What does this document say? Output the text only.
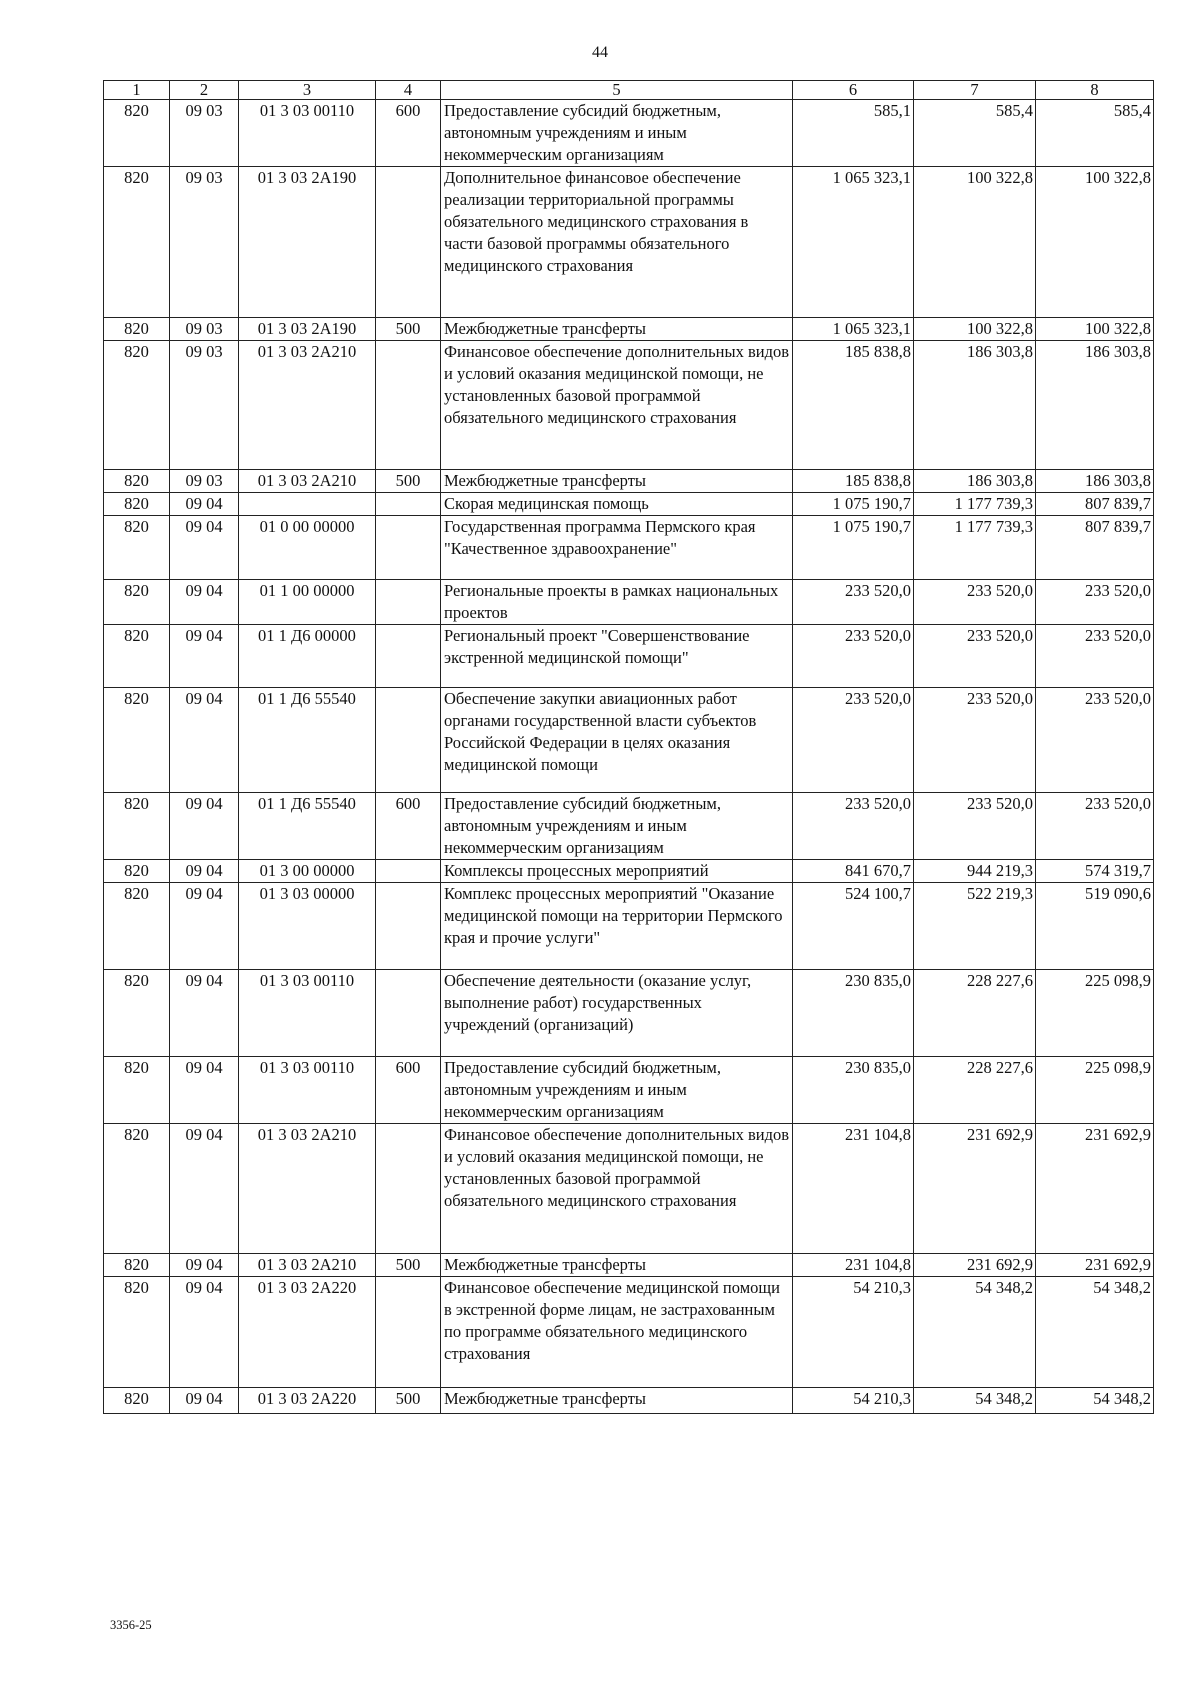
44
1	2	3	4	5	6	7	8
820	09 03	01 3 03 00110	600	Предоставление субсидий бюджетным, автономным учреждениям и иным некоммерческим организациям	585,1	585,4	585,4
820	09 03	01 3 03 2А190		Дополнительное финансовое обеспечение реализации территориальной программы обязательного медицинского страхования в части базовой программы обязательного медицинского страхования	1 065 323,1	100 322,8	100 322,8
820	09 03	01 3 03 2А190	500	Межбюджетные трансферты	1 065 323,1	100 322,8	100 322,8
820	09 03	01 3 03 2А210		Финансовое обеспечение дополнительных видов и условий оказания медицинской помощи, не установленных базовой программой обязательного медицинского страхования	185 838,8	186 303,8	186 303,8
820	09 03	01 3 03 2А210	500	Межбюджетные трансферты	185 838,8	186 303,8	186 303,8
820	09 04			Скорая медицинская помощь	1 075 190,7	1 177 739,3	807 839,7
820	09 04	01 0 00 00000		Государственная программа Пермского края "Качественное здравоохранение"	1 075 190,7	1 177 739,3	807 839,7
820	09 04	01 1 00 00000		Региональные проекты в рамках национальных проектов	233 520,0	233 520,0	233 520,0
820	09 04	01 1 Д6 00000		Региональный проект "Совершенствование экстренной медицинской помощи"	233 520,0	233 520,0	233 520,0
820	09 04	01 1 Д6 55540		Обеспечение закупки авиационных работ органами государственной власти субъектов Российской Федерации в целях оказания медицинской помощи	233 520,0	233 520,0	233 520,0
820	09 04	01 1 Д6 55540	600	Предоставление субсидий бюджетным, автономным учреждениям и иным некоммерческим организациям	233 520,0	233 520,0	233 520,0
820	09 04	01 3 00 00000		Комплексы процессных мероприятий	841 670,7	944 219,3	574 319,7
820	09 04	01 3 03 00000		Комплекс процессных мероприятий "Оказание медицинской помощи на территории Пермского края и прочие услуги"	524 100,7	522 219,3	519 090,6
820	09 04	01 3 03 00110		Обеспечение деятельности (оказание услуг, выполнение работ) государственных учреждений (организаций)	230 835,0	228 227,6	225 098,9
820	09 04	01 3 03 00110	600	Предоставление субсидий бюджетным, автономным учреждениям и иным некоммерческим организациям	230 835,0	228 227,6	225 098,9
820	09 04	01 3 03 2А210		Финансовое обеспечение дополнительных видов и условий оказания медицинской помощи, не установленных базовой программой обязательного медицинского страхования	231 104,8	231 692,9	231 692,9
820	09 04	01 3 03 2А210	500	Межбюджетные трансферты	231 104,8	231 692,9	231 692,9
820	09 04	01 3 03 2А220		Финансовое обеспечение медицинской помощи в экстренной форме лицам, не застрахованным по программе обязательного медицинского страхования	54 210,3	54 348,2	54 348,2
820	09 04	01 3 03 2А220	500	Межбюджетные трансферты	54 210,3	54 348,2	54 348,2
3356-25
